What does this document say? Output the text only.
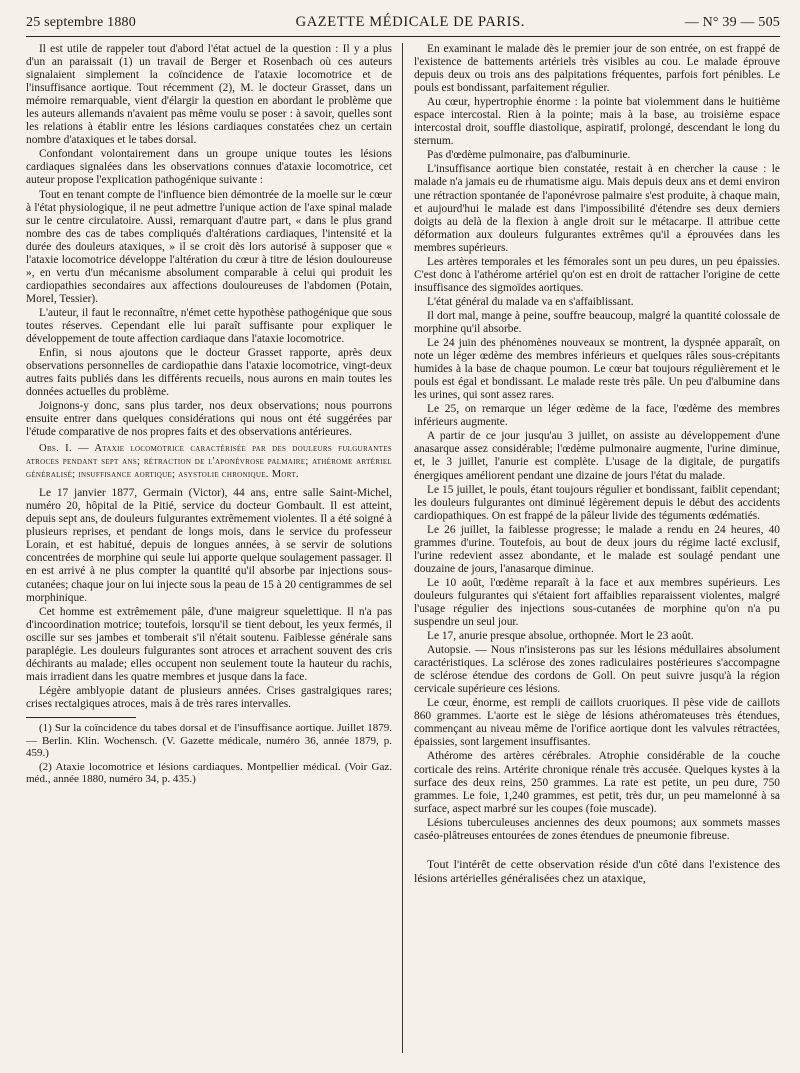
25 septembre 1880	GAZETTE MÉDICALE DE PARIS.	— N° 39 — 505

Il est utile de rappeler tout d'abord l'état actuel de la question : Il y a plus d'un an paraissait (1) un travail de Berger et Rosenbach où ces auteurs signalaient simplement la coïncidence de l'ataxie locomotrice et de l'insuffisance aortique. Tout récemment (2), M. le docteur Grasset, dans un mémoire remarquable, vient d'élargir la question en abordant le problème que les auteurs allemands n'avaient pas même voulu se poser : à savoir, quelles sont les relations à établir entre les lésions cardiaques constatées chez un certain nombre d'ataxiques et le tabes dorsal.

Confondant volontairement dans un groupe unique toutes les lésions cardiaques signalées dans les observations connues d'ataxie locomotrice, cet auteur propose l'explication pathogénique suivante :

Tout en tenant compte de l'influence bien démontrée de la moelle sur le cœur à l'état physiologique, il ne peut admettre l'unique action de l'axe spinal malade sur le centre circulatoire. Aussi, remarquant d'autre part, « dans le plus grand nombre des cas de tabes compliqués d'altérations cardiaques, l'intensité et la durée des douleurs ataxiques, » il se croit dès lors autorisé à supposer que « l'ataxie locomotrice développe l'altération du cœur à titre de lésion douloureuse », en vertu d'un mécanisme absolument comparable à celui qui produit les cardiopathies secondaires aux affections douloureuses de l'abdomen (Potain, Morel, Tessier).

L'auteur, il faut le reconnaître, n'émet cette hypothèse pathogénique que sous toutes réserves. Cependant elle lui paraît suffisante pour expliquer le développement de toute affection cardiaque dans l'ataxie locomotrice.

Enfin, si nous ajoutons que le docteur Grasset rapporte, après deux observations personnelles de cardiopathie dans l'ataxie locomotrice, vingt-deux autres faits publiés dans les différents recueils, nous aurons en main toutes les données actuelles du problème.

Joignons-y donc, sans plus tarder, nos deux observations; nous pourrons ensuite entrer dans quelques considérations qui nous ont été suggérées par l'étude comparative de nos propres faits et des observations antérieures.

Obs. I. — Ataxie locomotrice caractérisée par des douleurs fulgurantes atroces pendant sept ans; rétraction de l'aponévrose palmaire; athérome artériel généralisé; insuffisance aortique; asystolie chronique. Mort.

Le 17 janvier 1877, Germain (Victor), 44 ans, entre salle Saint-Michel, numéro 20, hôpital de la Pitié, service du docteur Gombault. Il est atteint, depuis sept ans, de douleurs fulgurantes extrêmement violentes. Il a été soigné à plusieurs reprises, et pendant de longs mois, dans le service du professeur Lorain, et est habitué, depuis de longues années, à se servir de solutions concentrées de morphine qui seule lui apporte quelque soulagement passager. Il en est arrivé à ne plus compter la quantité qu'il absorbe par injections sous-cutanées; chaque jour on lui injecte sous la peau de 15 à 20 centigrammes de sel morphinique.

Cet homme est extrêmement pâle, d'une maigreur squelettique. Il n'a pas d'incoordination motrice; toutefois, lorsqu'il se tient debout, les yeux fermés, il oscille sur ses jambes et tomberait s'il n'était soutenu. Faiblesse générale sans paraplégie. Les douleurs fulgurantes sont atroces et arrachent souvent des cris déchirants au malade; elles occupent non seulement toute la hauteur du rachis, mais irradient dans les quatre membres et jusque dans la face.

Légère amblyopie datant de plusieurs années. Crises gastralgiques rares; crises rectalgiques atroces, mais à de très rares intervalles.

(1) Sur la coïncidence du tabes dorsal et de l'insuffisance aortique. Juillet 1879. — Berlin. Klin. Wochensch. (V. Gazette médicale, numéro 36, année 1879, p. 459.)

(2) Ataxie locomotrice et lésions cardiaques. Montpellier médical. (Voir Gaz. méd., année 1880, numéro 34, p. 435.)

En examinant le malade dès le premier jour de son entrée, on est frappé de l'existence de battements artériels très visibles au cou. Le malade éprouve depuis deux ou trois ans des palpitations fréquentes, parfois fort pénibles. Le pouls est bondissant, parfaitement régulier.

Au cœur, hypertrophie énorme : la pointe bat violemment dans le huitième espace intercostal. Rien à la pointe; mais à la base, au troisième espace intercostal droit, souffle diastolique, aspiratif, prolongé, descendant le long du sternum.

Pas d'œdème pulmonaire, pas d'albuminurie.

L'insuffisance aortique bien constatée, restait à en chercher la cause : le malade n'a jamais eu de rhumatisme aigu. Mais depuis deux ans et demi environ une rétraction spontanée de l'aponévrose palmaire s'est produite, à chaque main, et aujourd'hui le malade est dans l'impossibilité d'étendre ses deux derniers doigts au delà de la flexion à angle droit sur le métacarpe. Il attribue cette déformation aux douleurs fulgurantes extrêmes qu'il a éprouvées dans les membres supérieurs.

Les artères temporales et les fémorales sont un peu dures, un peu épaissies. C'est donc à l'athérome artériel qu'on est en droit de rattacher l'origine de cette insuffisance des sigmoïdes aortiques.

L'état général du malade va en s'affaiblissant.

Il dort mal, mange à peine, souffre beaucoup, malgré la quantité colossale de morphine qu'il absorbe.

Le 24 juin des phénomènes nouveaux se montrent, la dyspnée apparaît, on note un léger œdème des membres inférieurs et quelques râles sous-crépitants humides à la base de chaque poumon. Le cœur bat toujours régulièrement et le pouls est égal et bondissant. Le malade reste très pâle. Un peu d'albumine dans les urines, qui sont assez rares.

Le 25, on remarque un léger œdème de la face, l'œdème des membres inférieurs augmente.

A partir de ce jour jusqu'au 3 juillet, on assiste au développement d'une anasarque assez considérable; l'œdème pulmonaire augmente, l'urine diminue, et, le 3 juillet, l'anurie est complète. L'usage de la digitale, de purgatifs énergiques améliorent pendant une dizaine de jours l'état du malade.

Le 15 juillet, le pouls, étant toujours régulier et bondissant, faiblit cependant; les douleurs fulgurantes ont diminué légèrement depuis le début des accidents cardiopathiques. On est frappé de la pâleur livide des téguments œdématiés.

Le 26 juillet, la faiblesse progresse; le malade a rendu en 24 heures, 40 grammes d'urine. Toutefois, au bout de deux jours du régime lacté exclusif, l'urine redevient assez abondante, et le malade est soulagé pendant une douzaine de jours, l'anasarque diminue.

Le 10 août, l'œdème reparaît à la face et aux membres supérieurs. Les douleurs fulgurantes qui s'étaient fort affaiblies reparaissent violentes, malgré l'usage régulier des injections sous-cutanées de morphine qu'on n'a pu suspendre un seul jour.

Le 17, anurie presque absolue, orthopnée. Mort le 23 août.

Autopsie. — Nous n'insisterons pas sur les lésions médullaires absolument caractéristiques. La sclérose des zones radiculaires postérieures s'accompagne de sclérose étendue des cordons de Goll. On peut suivre jusqu'à la région cervicale supérieure ces lésions.

Le cœur, énorme, est rempli de caillots cruoriques. Il pèse vide de caillots 860 grammes. L'aorte est le siège de lésions athéromateuses très étendues, commençant au niveau même de l'orifice aortique dont les valvules rétractées, épaissies, sont largement insuffisantes.

Athérome des artères cérébrales. Atrophie considérable de la couche corticale des reins. Artérite chronique rénale très accusée. Quelques kystes à la surface des deux reins, 250 grammes. La rate est petite, un peu dure, 750 grammes. Le foie, 1,240 grammes, est petit, très dur, un peu mamelonné à sa surface, aspect marbré sur les coupes (foie muscade).

Lésions tuberculeuses anciennes des deux poumons; aux sommets masses caséo-plâtreuses entourées de zones étendues de pneumonie fibreuse.

Tout l'intérêt de cette observation réside d'un côté dans l'existence des lésions artérielles généralisées chez un ataxique,
